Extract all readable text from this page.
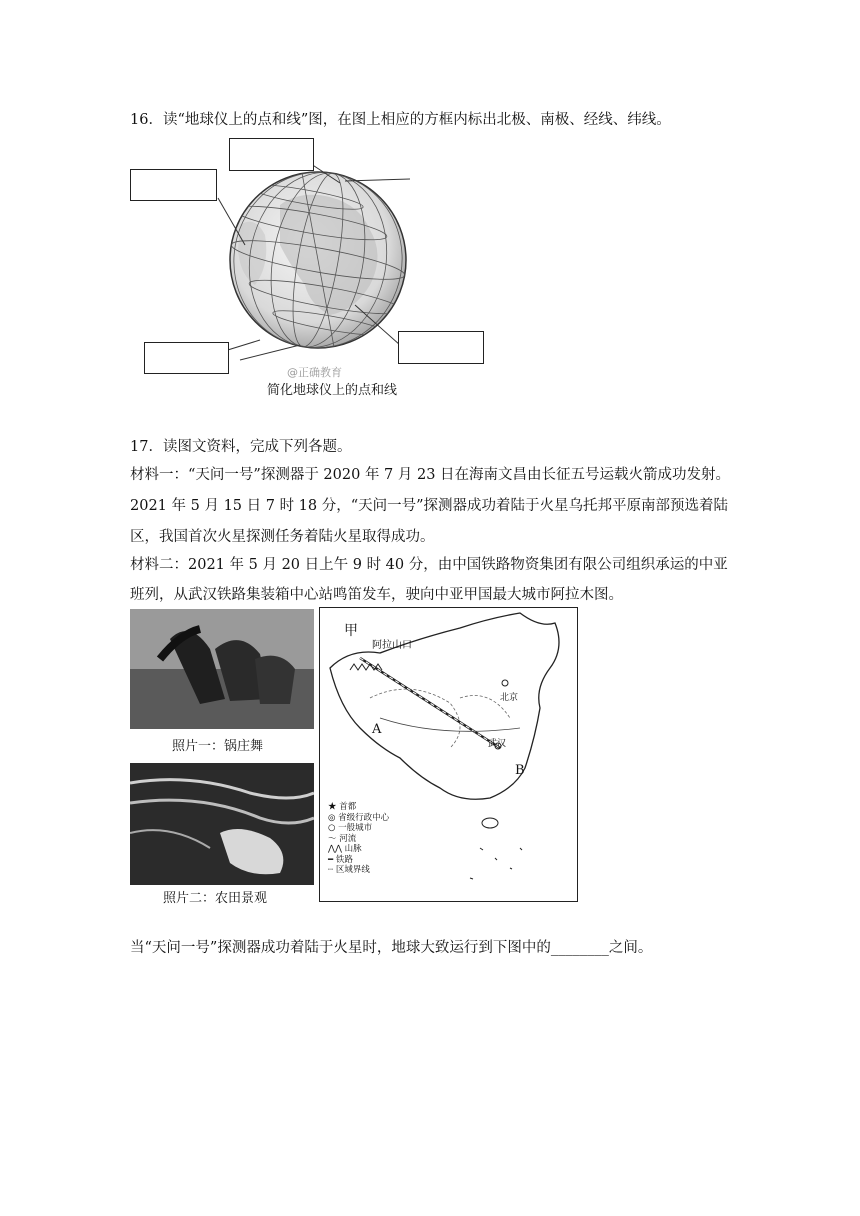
16．读“地球仪上的点和线”图，在图上相应的方框内标出北极、南极、经线、纬线。
@正确教育
简化地球仪上的点和线
17．读图文资料，完成下列各题。
材料一：“天问一号”探测器于 2020 年 7 月 23 日在海南文昌由长征五号运载火箭成功发射。
2021 年 5 月 15 日 7 时 18 分，“天问一号”探测器成功着陆于火星乌托邦平原南部预选着陆
区，我国首次火星探测任务着陆火星取得成功。
材料二：2021 年 5 月 20 日上午 9 时 40 分，由中国铁路物资集团有限公司组织承运的中亚
班列，从武汉铁路集装箱中心站鸣笛发车，驶向中亚甲国最大城市阿拉木图。
照片一：锅庄舞
照片二：农田景观
甲
阿拉山口
北京
武汉
A
B
★ 首都
◎ 省级行政中心
○ 一般城市
〜 河流
⋀⋀ 山脉
━ 铁路
┈ 区域界线
当“天问一号”探测器成功着陆于火星时，地球大致运行到下图中的________之间。
